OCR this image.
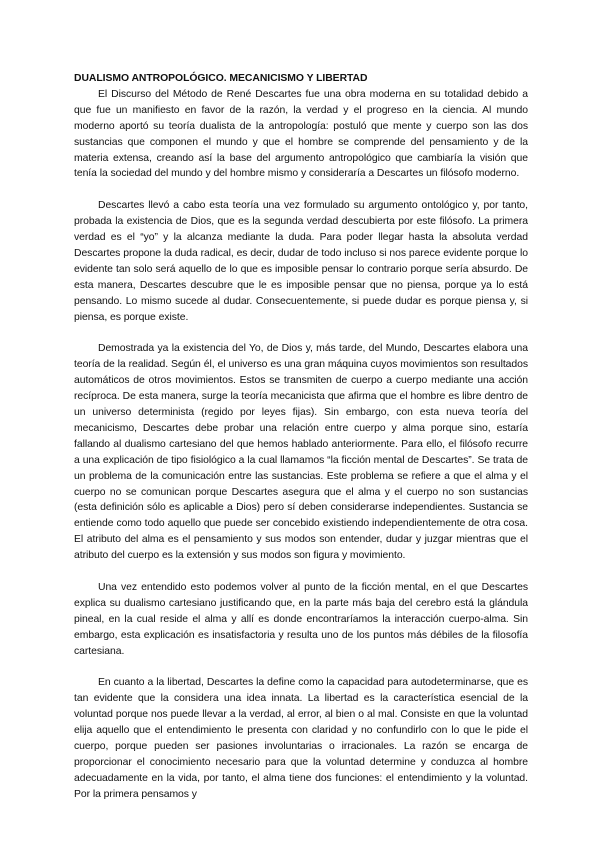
DUALISMO ANTROPOLÓGICO. MECANICISMO Y LIBERTAD

El Discurso del Método de René Descartes fue una obra moderna en su totalidad debido a que fue un manifiesto en favor de la razón, la verdad y el progreso en la ciencia. Al mundo moderno aportó su teoría dualista de la antropología: postuló que mente y cuerpo son las dos sustancias que componen el mundo y que el hombre se comprende del pensamiento y de la materia extensa, creando así la base del argumento antropológico que cambiaría la visión que tenía la sociedad del mundo y del hombre mismo y consideraría a Descartes un filósofo moderno.

Descartes llevó a cabo esta teoría una vez formulado su argumento ontológico y, por tanto, probada la existencia de Dios, que es la segunda verdad descubierta por este filósofo. La primera verdad es el “yo” y la alcanza mediante la duda. Para poder llegar hasta la absoluta verdad Descartes propone la duda radical, es decir, dudar de todo incluso si nos parece evidente porque lo evidente tan solo será aquello de lo que es imposible pensar lo contrario porque sería absurdo. De esta manera, Descartes descubre que le es imposible pensar que no piensa, porque ya lo está pensando. Lo mismo sucede al dudar. Consecuentemente, si puede dudar es porque piensa y, si piensa, es porque existe.

Demostrada ya la existencia del Yo, de Dios y, más tarde, del Mundo, Descartes elabora una teoría de la realidad. Según él, el universo es una gran máquina cuyos movimientos son resultados automáticos de otros movimientos. Estos se transmiten de cuerpo a cuerpo mediante una acción recíproca. De esta manera, surge la teoría mecanicista que afirma que el hombre es libre dentro de un universo determinista (regido por leyes fijas). Sin embargo, con esta nueva teoría del mecanicismo, Descartes debe probar una relación entre cuerpo y alma porque sino, estaría fallando al dualismo cartesiano del que hemos hablado anteriormente. Para ello, el filósofo recurre a una explicación de tipo fisiológico a la cual llamamos “la ficción mental de Descartes”. Se trata de un problema de la comunicación entre las sustancias. Este problema se refiere a que el alma y el cuerpo no se comunican porque Descartes asegura que el alma y el cuerpo no son sustancias (esta definición sólo es aplicable a Dios) pero sí deben considerarse independientes. Sustancia se entiende como todo aquello que puede ser concebido existiendo independientemente de otra cosa. El atributo del alma es el pensamiento y sus modos son entender, dudar y juzgar mientras que el atributo del cuerpo es la extensión y sus modos son figura y movimiento.

Una vez entendido esto podemos volver al punto de la ficción mental, en el que Descartes explica su dualismo cartesiano justificando que, en la parte más baja del cerebro está la glándula pineal, en la cual reside el alma y allí es donde encontraríamos la interacción cuerpo-alma. Sin embargo, esta explicación es insatisfactoria y resulta uno de los puntos más débiles de la filosofía cartesiana.

En cuanto a la libertad, Descartes la define como la capacidad para autodeterminarse, que es tan evidente que la considera una idea innata. La libertad es la característica esencial de la voluntad porque nos puede llevar a la verdad, al error, al bien o al mal. Consiste en que la voluntad elija aquello que el entendimiento le presenta con claridad y no confundirlo con lo que le pide el cuerpo, porque pueden ser pasiones involuntarias o irracionales. La razón se encarga de proporcionar el conocimiento necesario para que la voluntad determine y conduzca al hombre adecuadamente en la vida, por tanto, el alma tiene dos funciones: el entendimiento y la voluntad. Por la primera pensamos y
